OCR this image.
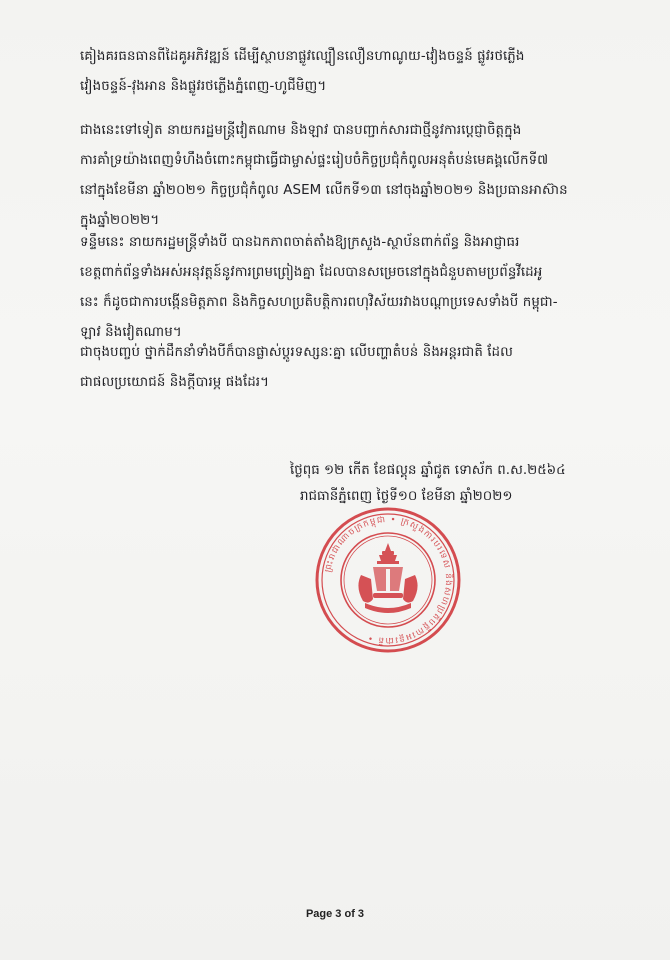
គៀងគរធនធានពីដៃគូអភិវឌ្ឍន៍ ដើម្បីស្ថាបនាផ្លូវល្បឿនលឿនហាណូយ-វៀងចន្ទន៍ ផ្លូវរថភ្លើង
វៀងចន្ទន៍-វុងអាន និងផ្លូវរថភ្លើងភ្នំពេញ-ហូជីមិញ។
ជាងនេះទៅទៀត នាយករដ្ឋមន្ត្រីវៀតណាម និងឡាវ បានបញ្ជាក់សារជាថ្មីនូវការប្តេជ្ញាចិត្តក្នុង
ការគាំទ្រយ៉ាងពេញទំហឹងចំពោះកម្ពុជាធ្វើជាម្ចាស់ផ្ទះរៀបចំកិច្ចប្រជុំកំពូលអនុតំបន់មេគង្គលើកទី៧
នៅក្នុងខែមីនា ឆ្នាំ២០២១ កិច្ចប្រជុំកំពូល ASEM លើកទី១៣ នៅចុងឆ្នាំ២០២១ និងប្រធានអាស៊ាន
ក្នុងឆ្នាំ២០២២។
ទន្ទឹមនេះ នាយករដ្ឋមន្ត្រីទាំងបី បានឯកភាពចាត់តាំងឱ្យក្រសួង-ស្ថាប័នពាក់ព័ន្ធ និងអាជ្ញាធរ
ខេត្តពាក់ព័ន្ធទាំងអស់អនុវត្តន៍នូវការព្រមព្រៀងគ្នា ដែលបានសម្រេចនៅក្នុងជំនួបតាមប្រព័ន្ធវីដេអូ
នេះ ក៏ដូចជាការបង្កើនមិត្តភាព និងកិច្ចសហប្រតិបត្តិការពហុវិស័យរវាងបណ្តាប្រទេសទាំងបី កម្ពុជា-
ឡាវ និងវៀតណាម។
ជាចុងបញ្ចប់ ថ្នាក់ដឹកនាំទាំងបីក៏បានផ្លាស់ប្តូរទស្សនៈគ្នា លើបញ្ហាតំបន់ និងអន្តរជាតិ ដែល
ជាផលប្រយោជន៍ និងក្តីបារម្ភ ផងដែរ។
ថ្ងៃពុធ ១២ កេីត ខែផល្គុន ឆ្នាំជូត ទោស័ក ព.ស.២៥៦៤
រាជធានីភ្នំពេញ ថ្ងៃទី១០ ខែមីនា ឆ្នាំ២០២១
ព្រះរាជាណាចក្រកម្ពុជា • ក្រសួងការបរទេស និងសហប្រតិបត្តិការអន្តរជាតិ •
Page 3 of 3
